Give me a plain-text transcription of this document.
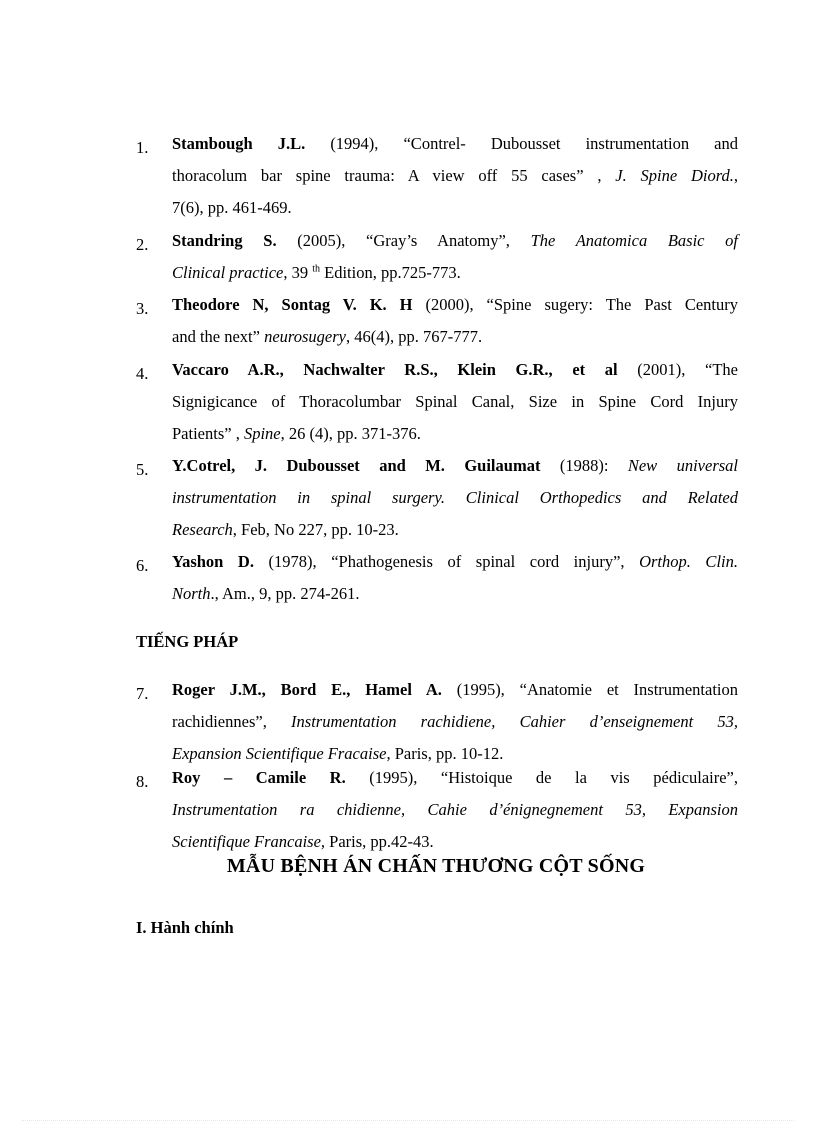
1.	Stambough J.L. (1994), “Contrel- Dubousset instrumentation and
thoracolum bar spine trauma: A view off 55 cases” , J. Spine Diord.,
7(6), pp. 461-469.
2.	Standring S. (2005), “Gray’s Anatomy”, The Anatomica Basic of
Clinical practice, 39 $^{th}$ Edition, pp.725-773.
3.	Theodore N, Sontag V. K. H (2000), “Spine sugery: The Past Century
and the next” neurosugery, 46(4), pp. 767-777.
4.	Vaccaro A.R., Nachwalter R.S., Klein G.R., et al (2001), “The
Signigicance of Thoracolumbar Spinal Canal, Size in Spine Cord Injury
Patients” , Spine, 26 (4), pp. 371-376.
5.	Y.Cotrel, J. Dubousset and M. Guilaumat (1988): New universal
instrumentation in spinal surgery. Clinical Orthopedics and Related
Research, Feb, No 227, pp. 10-23.
6.	Yashon D. (1978), “Phathogenesis of spinal cord injury”, Orthop. Clin.
North., Am., 9, pp. 274-261.
TIẾNG PHÁP
7.	Roger J.M., Bord E., Hamel A. (1995), “Anatomie et Instrumentation
rachidiennes”, Instrumentation rachidiene, Cahier d’enseignement 53,
Expansion Scientifique Fracaise, Paris, pp. 10-12.
8.	Roy – Camile R. (1995), “Histoique de la vis pédiculaire”,
Instrumentation ra chidienne, Cahie d’énignegnement 53, Expansion
Scientifique Francaise, Paris, pp.42-43.
MẪU BỆNH ÁN CHẤN THƯƠNG CỘT SỐNG
I. Hành chính
